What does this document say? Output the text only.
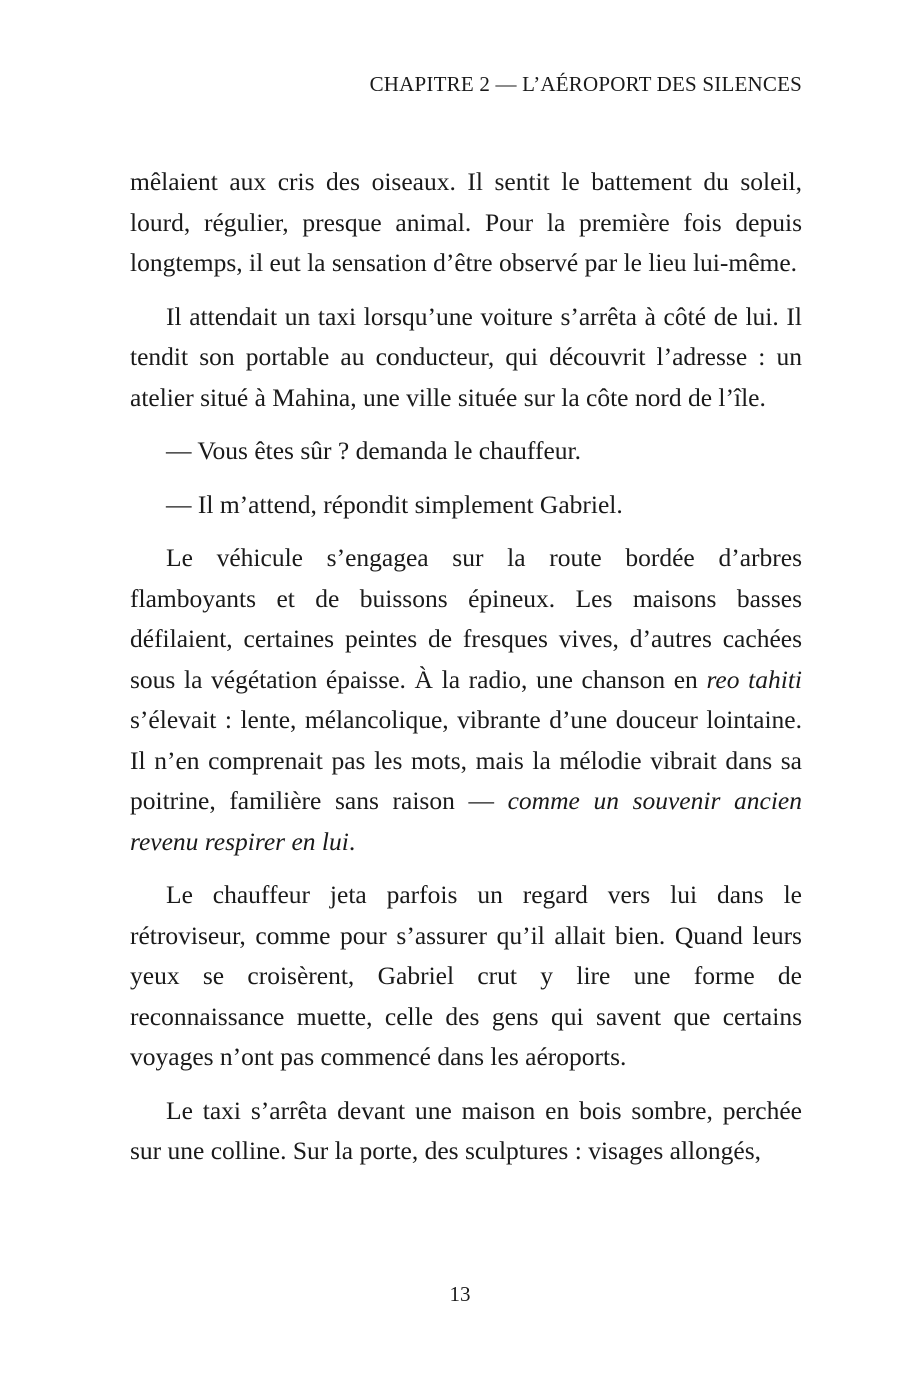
CHAPITRE 2 — L’AÉROPORT DES SILENCES

mêlaient aux cris des oiseaux. Il sentit le battement du soleil, lourd, régulier, presque animal. Pour la première fois depuis longtemps, il eut la sensation d’être observé par le lieu lui-même.

Il attendait un taxi lorsqu’une voiture s’arrêta à côté de lui. Il tendit son portable au conducteur, qui découvrit l’adresse : un atelier situé à Mahina, une ville située sur la côte nord de l’île.

— Vous êtes sûr ? demanda le chauffeur.

— Il m’attend, répondit simplement Gabriel.

Le véhicule s’engagea sur la route bordée d’arbres flamboyants et de buissons épineux. Les maisons basses défilaient, certaines peintes de fresques vives, d’autres cachées sous la végétation épaisse. À la radio, une chanson en reo tahiti s’élevait : lente, mélancolique, vibrante d’une douceur lointaine. Il n’en comprenait pas les mots, mais la mélodie vibrait dans sa poitrine, familière sans raison — comme un souvenir ancien revenu respirer en lui.

Le chauffeur jeta parfois un regard vers lui dans le rétroviseur, comme pour s’assurer qu’il allait bien. Quand leurs yeux se croisèrent, Gabriel crut y lire une forme de reconnaissance muette, celle des gens qui savent que certains voyages n’ont pas commencé dans les aéroports.

Le taxi s’arrêta devant une maison en bois sombre, perchée sur une colline. Sur la porte, des sculptures : visages allongés,

13
